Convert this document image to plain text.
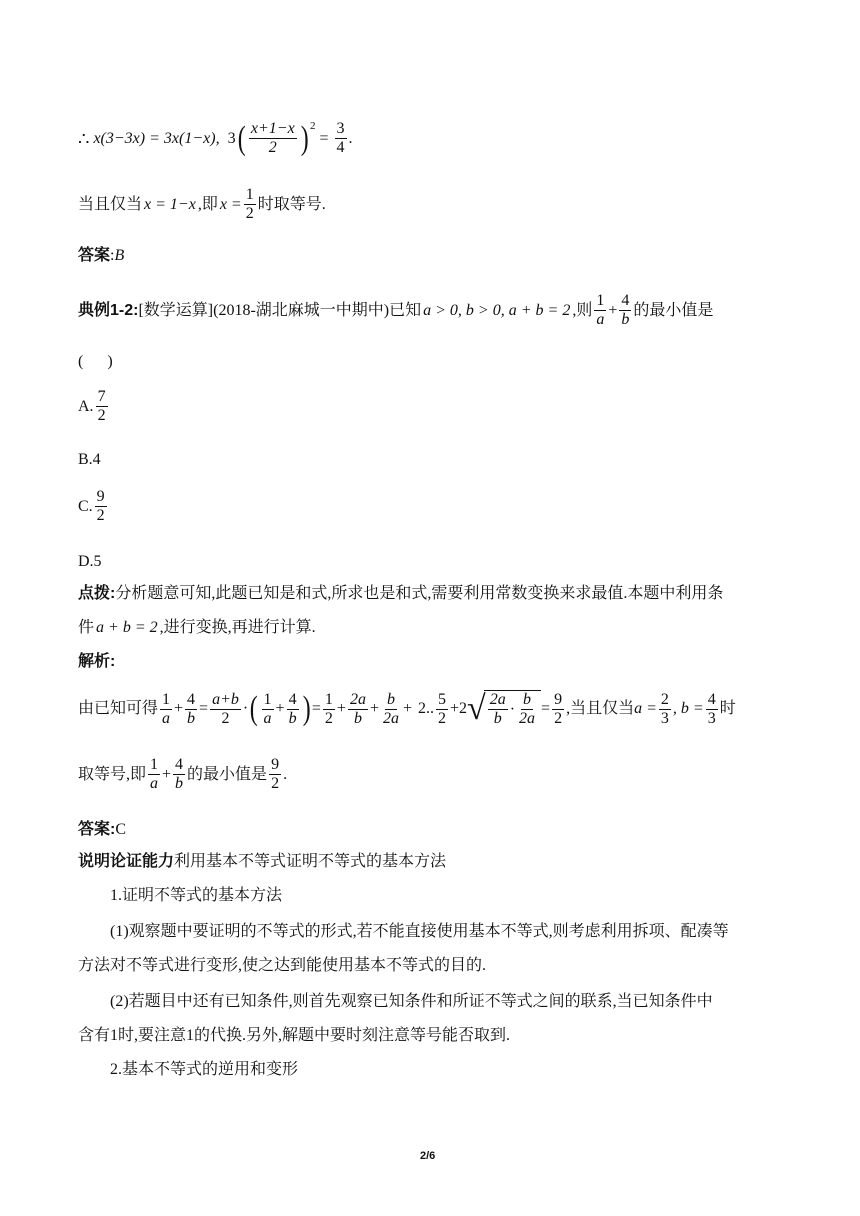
∴ x(3−3x) = 3x(1−x), 3 ( $\frac{x+1-x}{2}$ ) 2
= $\frac{3}{4}$ .
当且仅当 x = 1−x ,即 $x = \frac{1}{2}$ 时取等号.
答案:B
典例1-2: [数学运算](2018-湖北麻城一中期中)已知 a > 0, b > 0, a + b = 2 ,则 $\frac{1}{a} + \frac{4}{b}$ 的最小值是
(      )
A. $\frac{7}{2}$
B.4
C. $\frac{9}{2}$
D.5
点拨:分析题意可知,此题已知是和式,所求也是和式,需要利用常数变换来求最值.本题中利用条
件 a + b = 2 ,进行变换,再进行计算.
解析:
由已知可得 $\frac{1}{a} + \frac{4}{b} = \frac{a+b}{2}$ · ( $\frac{1}{a} + \frac{4}{b}$ ) = $\frac{1}{2} + \frac{2a}{b} + \frac{b}{2a} + 2$.. $\frac{5}{2} +2$ √ $\frac{2a}{b} \cdot \frac{b}{2a} = \frac{9}{2}$ ,当且仅当 $a = \frac{2}{3}$ , $b = \frac{4}{3}$ 时
取等号,即 $\frac{1}{a} + \frac{4}{b}$ 的最小值是 $\frac{9}{2}$ .
答案:C
说明论证能力利用基本不等式证明不等式的基本方法
1.证明不等式的基本方法
(1)观察题中要证明的不等式的形式,若不能直接使用基本不等式,则考虑利用拆项、配凑等
方法对不等式进行变形,使之达到能使用基本不等式的目的.
(2)若题目中还有已知条件,则首先观察已知条件和所证不等式之间的联系,当已知条件中
含有1时,要注意1的代换.另外,解题中要时刻注意等号能否取到.
2.基本不等式的逆用和变形
2/6
